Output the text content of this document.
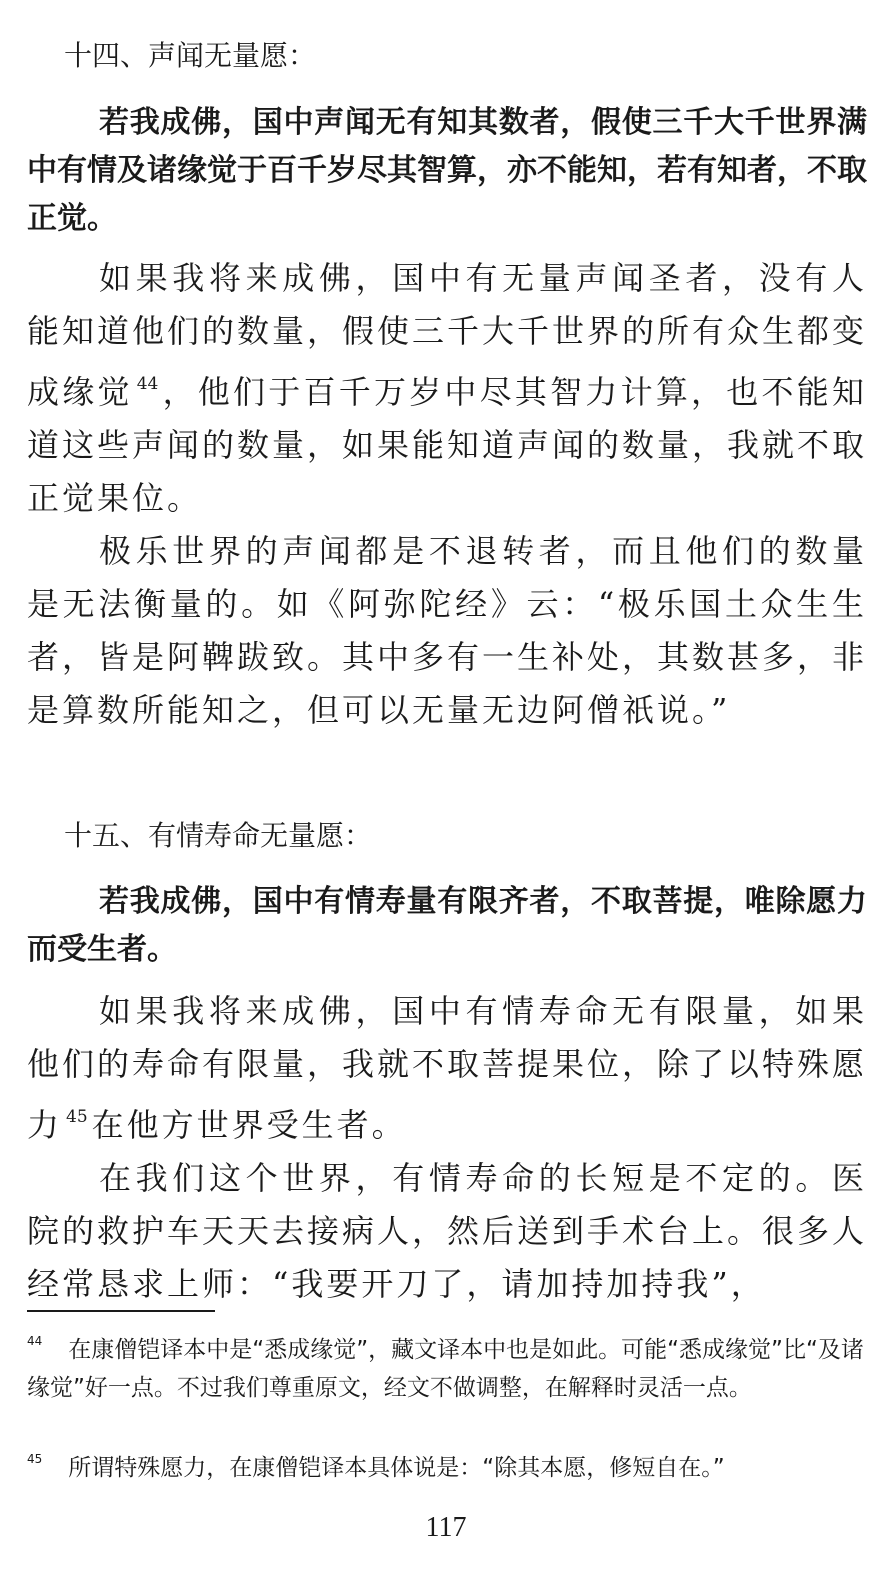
十四、声闻无量愿：

若我成佛，国中声闻无有知其数者，假使三千大千世界满中有情及诸缘觉于百千岁尽其智算，亦不能知，若有知者，不取正觉。

如果我将来成佛，国中有无量声闻圣者，没有人能知道他们的数量，假使三千大千世界的所有众生都变成缘觉 $^{44}$ ，他们于百千万岁中尽其智力计算，也不能知道这些声闻的数量，如果能知道声闻的数量，我就不取正觉果位。

极乐世界的声闻都是不退转者，而且他们的数量是无法衡量的。如《阿弥陀经》云：“极乐国土众生生者，皆是阿鞞跋致。其中多有一生补处，其数甚多，非是算数所能知之，但可以无量无边阿僧祇说。”

若我成佛，国中有情寿量有限齐者，不取菩提，唯除愿力而受生者。

如果我将来成佛，国中有情寿命无有限量，如果他们的寿命有限量，我就不取菩提果位，除了以特殊愿力 $^{45}$ 在他方世界受生者。

在我们这个世界，有情寿命的长短是不定的。医院的救护车天天去接病人，然后送到手术台上。很多人经常恳求上师：“我要开刀了，请加持加持我”，

十五、有情寿命无量愿：

$^{44}$ 在康僧铠译本中是“悉成缘觉”，藏文译本中也是如此。可能“悉成缘觉”比“及诸缘觉”好一点。不过我们尊重原文，经文不做调整，在解释时灵活一点。

$^{45}$ 所谓特殊愿力，在康僧铠译本具体说是：“除其本愿，修短自在。”

117
